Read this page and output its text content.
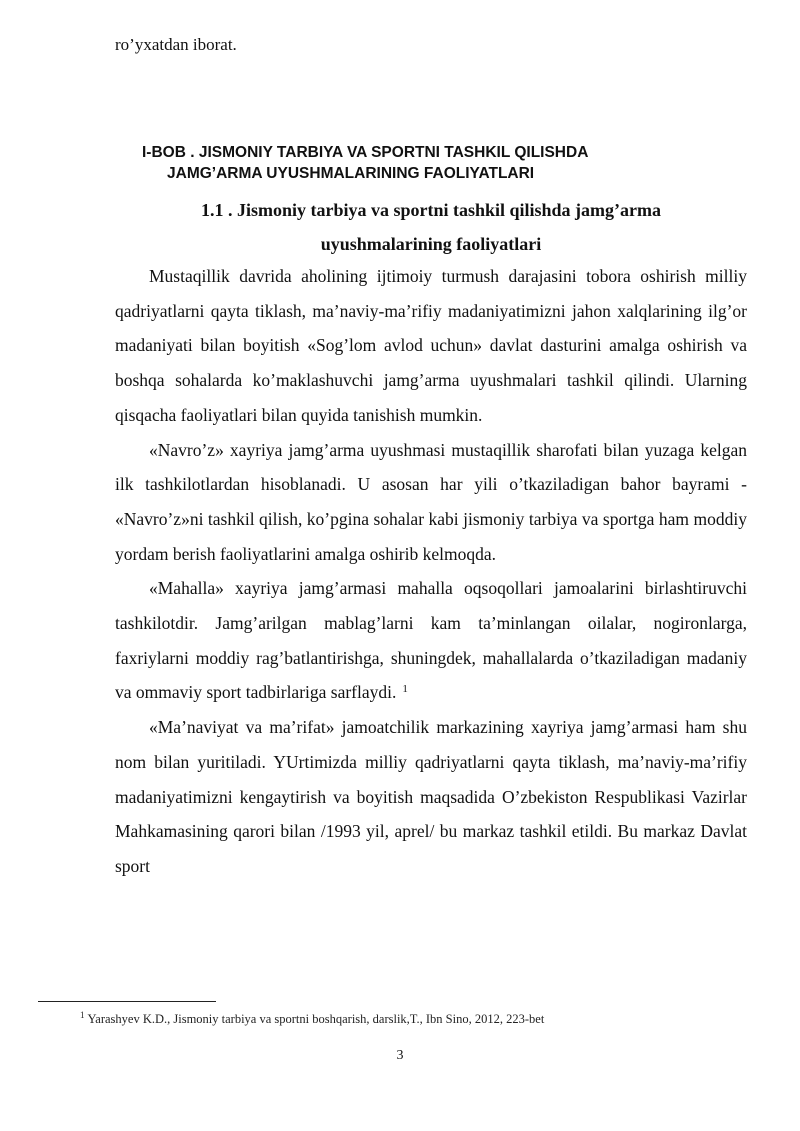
ro’yxatdan iborat.
I-BOB . JISMONIY TARBIYA VA SPORTNI TASHKIL QILISHDA
JAMG’ARMA UYUSHMALARINING FAOLIYATLARI
1.1 . Jismoniy tarbiya va sportni tashkil qilishda jamg’arma
uyushmalarining faoliyatlari

Mustaqillik davrida aholining ijtimoiy turmush darajasini tobora oshirish milliy qadriyatlarni qayta tiklash, ma’naviy-ma’rifiy madaniyatimizni jahon xalqlarining ilg’or madaniyati bilan boyitish «Sog’lom avlod uchun» davlat dasturini amalga oshirish va boshqa sohalarda ko’maklashuvchi jamg’arma uyushmalari tashkil qilindi. Ularning qisqacha faoliyatlari bilan quyida tanishish mumkin.

«Navro’z» xayriya jamg’arma uyushmasi mustaqillik sharofati bilan yuzaga kelgan ilk tashkilotlardan hisoblanadi. U asosan har yili o’tkaziladigan bahor bayrami - «Navro’z»ni tashkil qilish, ko’pgina sohalar kabi jismoniy tarbiya va sportga ham moddiy yordam berish faoliyatlarini amalga oshirib kelmoqda.

«Mahalla» xayriya jamg’armasi mahalla oqsoqollari jamoalarini birlashtiruvchi tashkilotdir. Jamg’arilgan mablag’larni kam ta’minlangan oilalar, nogironlarga, faxriylarni moddiy rag’batlantirishga, shuningdek, mahallalarda o’tkaziladigan madaniy va ommaviy sport tadbirlariga sarflaydi. $^1$

«Ma’naviyat va ma’rifat» jamoatchilik markazining xayriya jamg’armasi ham shu nom bilan yuritiladi. YUrtimizda milliy qadriyatlarni qayta tiklash, ma’naviy-ma’rifiy madaniyatimizni kengaytirish va boyitish maqsadida O’zbekiston Respublikasi Vazirlar Mahkamasining qarori bilan /1993 yil, aprel/ bu markaz tashkil etildi. Bu markaz Davlat sport

$^1$ Yarashyev K.D., Jismoniy tarbiya va sportni boshqarish, darslik,T., Ibn Sino, 2012, 223-bet
3
